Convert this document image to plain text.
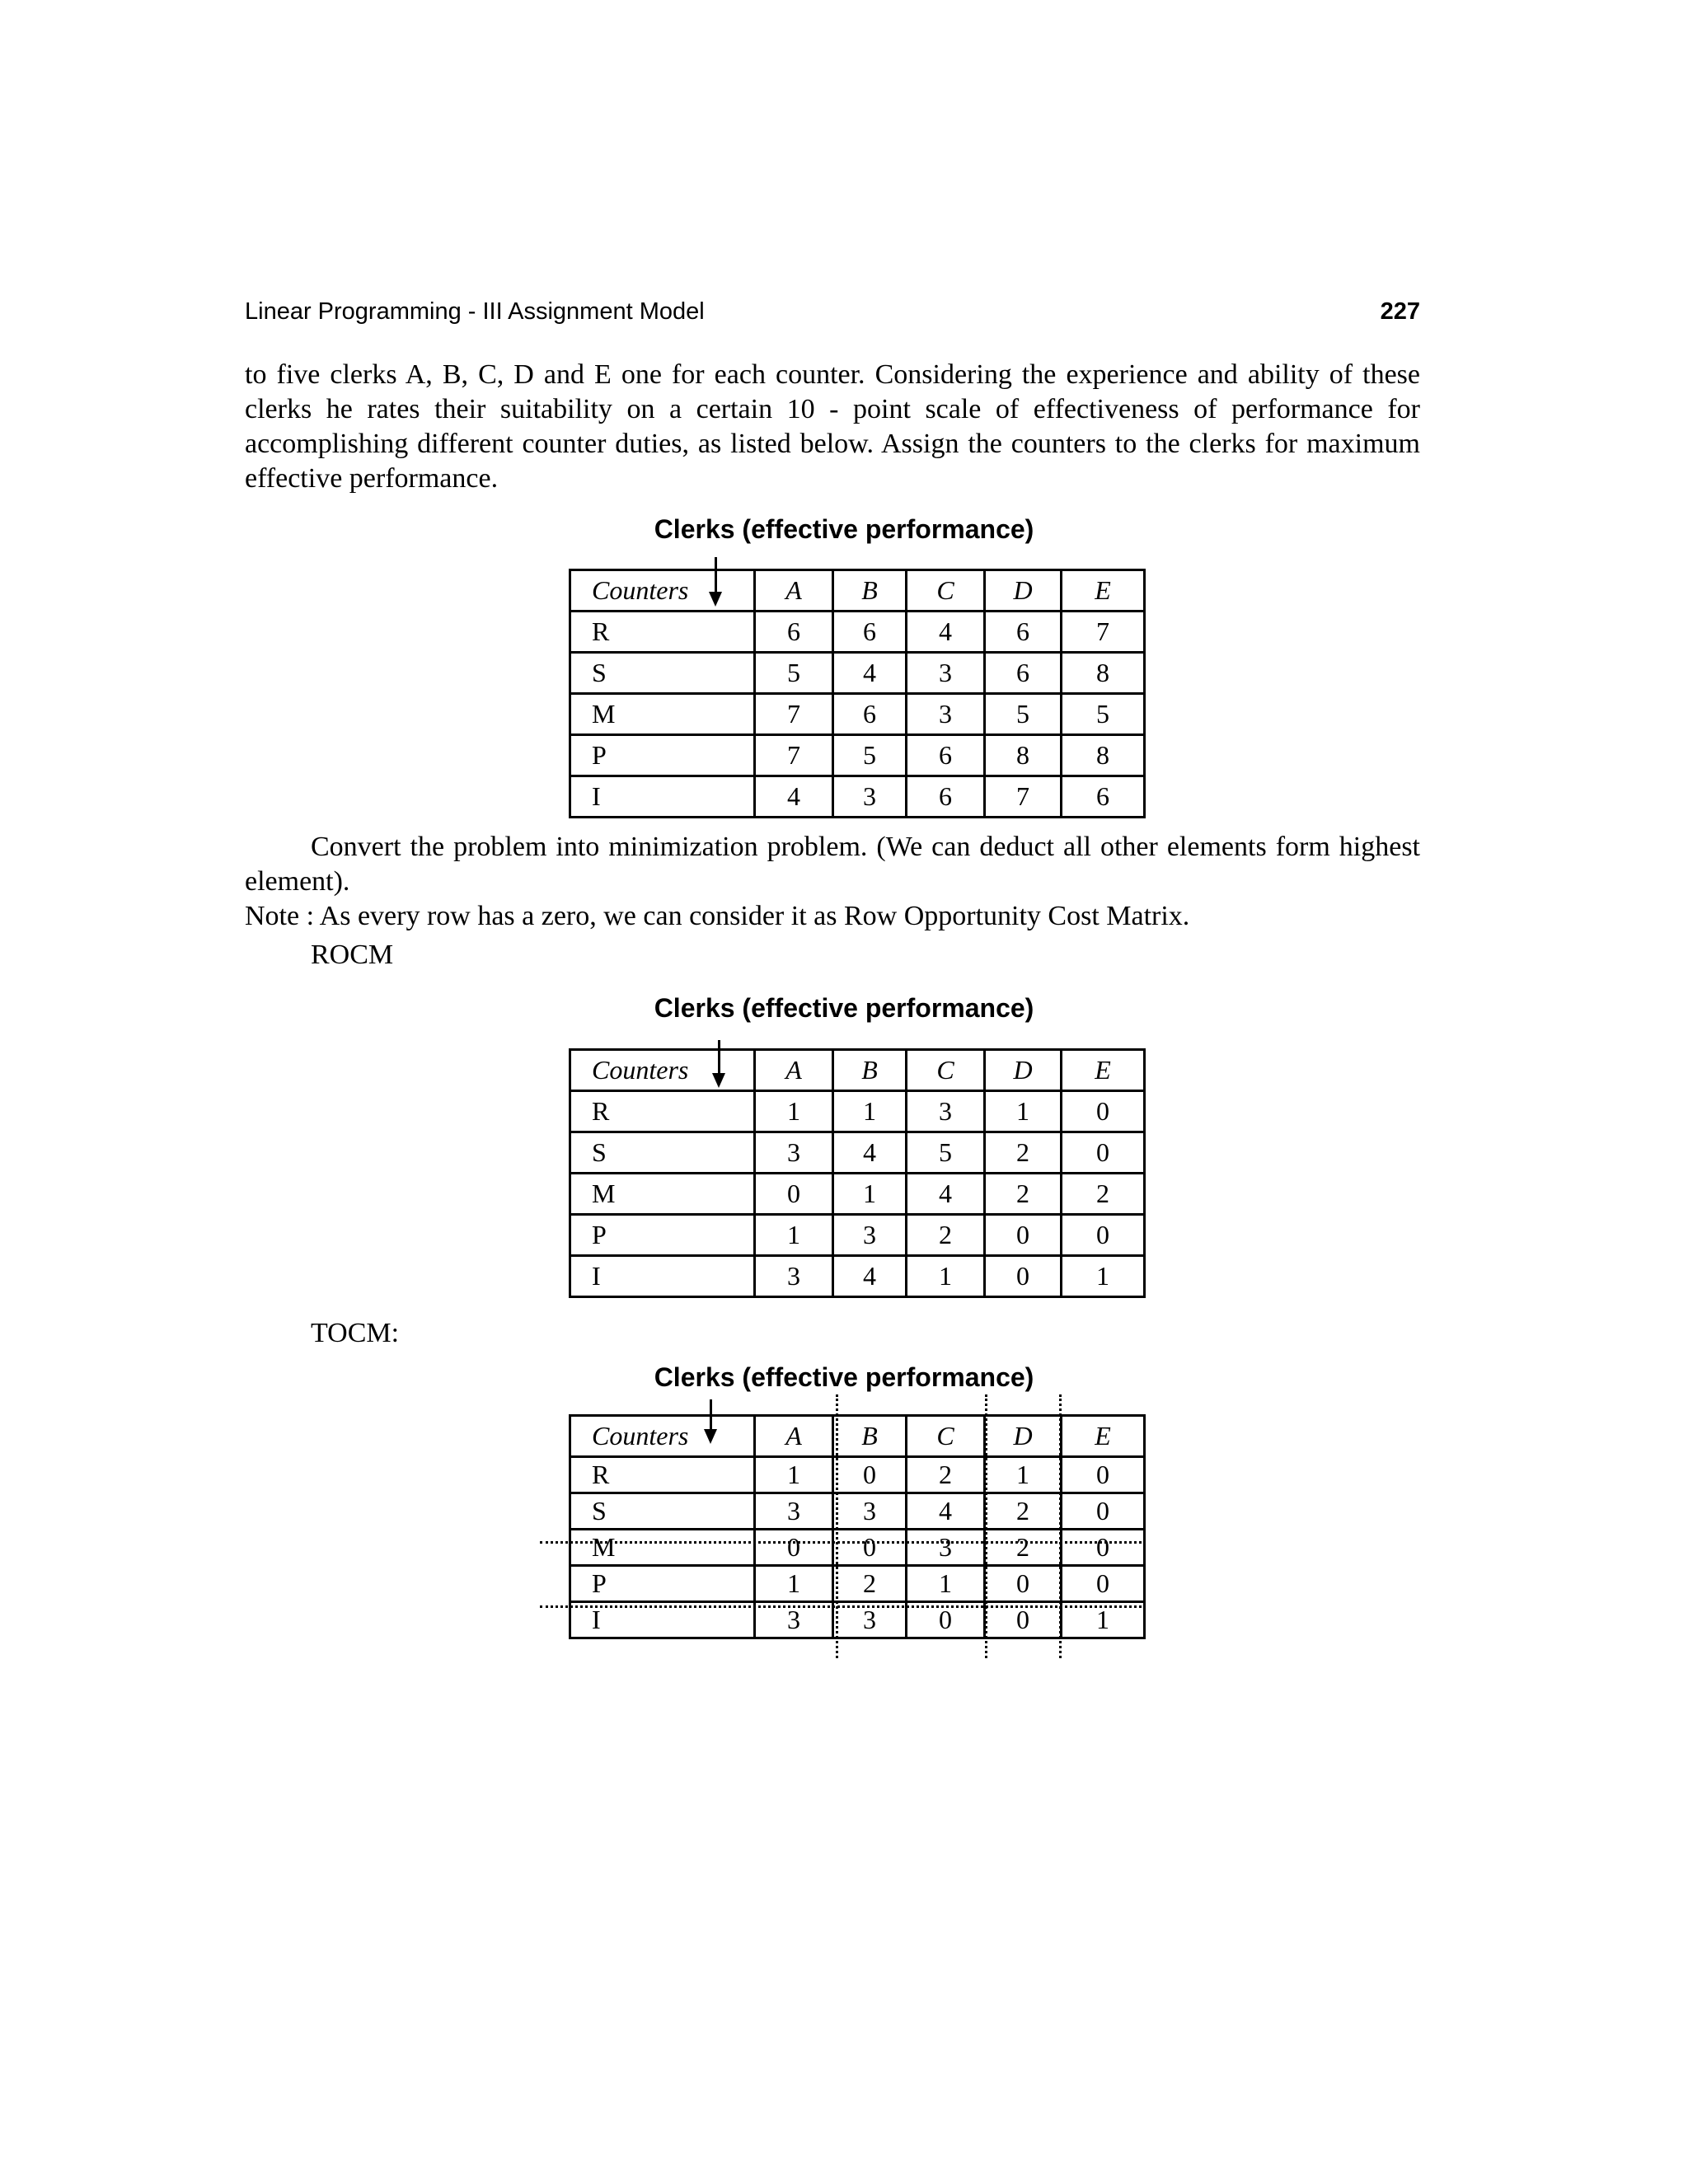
Linear Programming - III Assignment Model	227
to five clerks A, B, C, D and E one for each counter. Considering the experience and ability of these clerks he rates their suitability on a certain 10 - point scale of effectiveness of performance for accomplishing different counter duties, as listed below. Assign the counters to the clerks for maximum effective performance.
Clerks (effective performance)
Counters	A	B	C	D	E
R	6	6	4	6	7
S	5	4	3	6	8
M	7	6	3	5	5
P	7	5	6	8	8
I	4	3	6	7	6
Convert the problem into minimization problem. (We can deduct all other elements form highest element).
Note : As every row has a zero, we can consider it as Row Opportunity Cost Matrix.
ROCM
Clerks (effective performance)
Counters	A	B	C	D	E
R	1	1	3	1	0
S	3	4	5	2	0
M	0	1	4	2	2
P	1	3	2	0	0
I	3	4	1	0	1
TOCM:
Clerks (effective performance)
Counters	A	B	C	D	E
R	1	0	2	1	0
S	3	3	4	2	0
M	0	0	3	2	0
P	1	2	1	0	0
I	3	3	0	0	1
